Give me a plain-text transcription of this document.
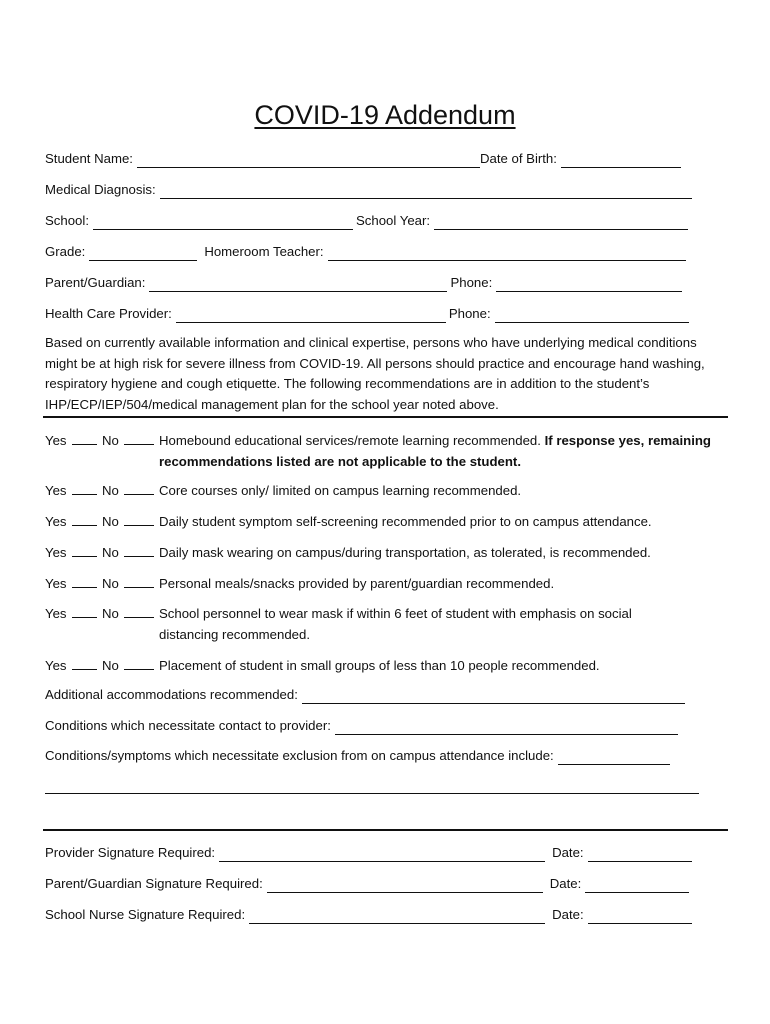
COVID-19 Addendum
Student Name:	Date of Birth:
Medical Diagnosis:
School:	School Year:
Grade:	Homeroom Teacher:
Parent/Guardian:	Phone:
Health Care Provider:	Phone:
Based on currently available information and clinical expertise, persons who have underlying medical conditions might be at high risk for severe illness from COVID-19. All persons should practice and encourage hand washing, respiratory hygiene and cough etiquette. The following recommendations are in addition to the student’s IHP/ECP/IEP/504/medical management plan for the school year noted above.
Yes	No	Homebound educational services/remote learning recommended. If response yes, remaining recommendations listed are not applicable to the student.
Yes	No	Core courses only/ limited on campus learning recommended.
Yes	No	Daily student symptom self-screening recommended prior to on campus attendance.
Yes	No	Daily mask wearing on campus/during transportation, as tolerated, is recommended.
Yes	No	Personal meals/snacks provided by parent/guardian recommended.
Yes	No	School personnel to wear mask if within 6 feet of student with emphasis on social distancing recommended.
Yes	No	Placement of student in small groups of less than 10 people recommended.
Additional accommodations recommended:
Conditions which necessitate contact to provider:
Conditions/symptoms which necessitate exclusion from on campus attendance include:
Provider Signature Required:	Date:
Parent/Guardian Signature Required:	Date:
School Nurse Signature Required:	Date:
